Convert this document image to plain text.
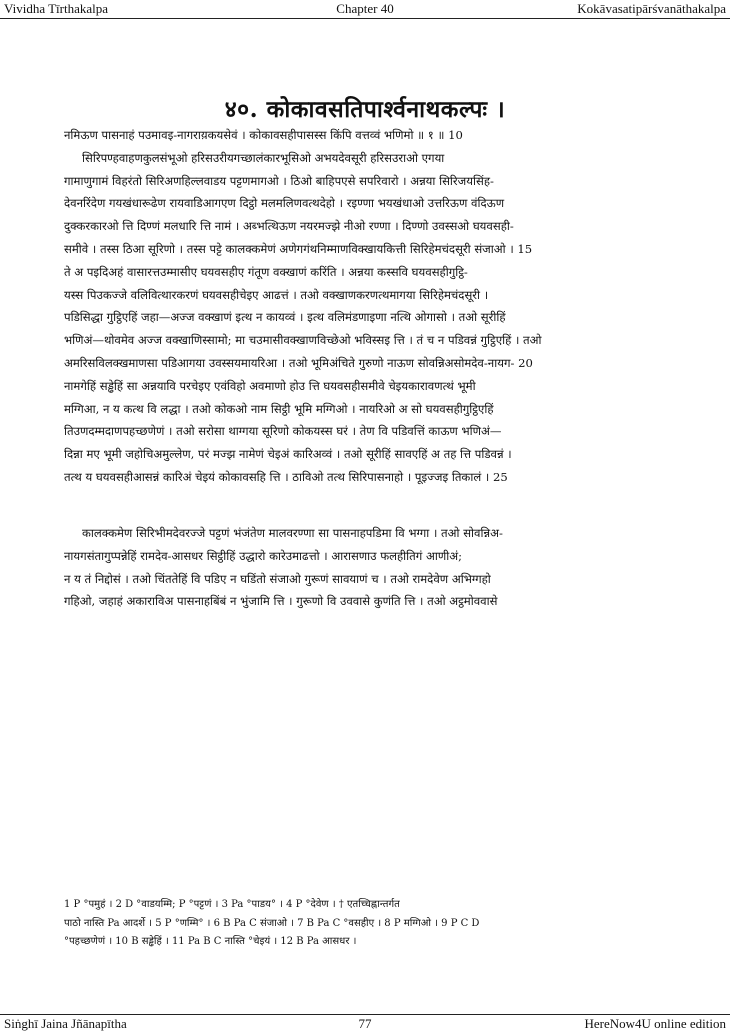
Chapter 40
Vividha Tīrthakalpa	Kokāvasatipārśvanāthakalpa
४०. कोकावसतिपार्श्वनाथकल्पः ।
नमिऊण पासनाहं पउमावइ-नागराय़कयसेवं । कोकावसहीपासस्स किंपि वत्तव्वं भणिमो ॥ १ ॥ 10
सिरिपण्हवाहणकुलसंभूओ हरिसउरीयगच्छालंकारभूसिओ अभयदेवसूरी हरिसउराओ एगया
गामाणुगामं विहरंतो सिरिअणहिल्लवाडय पट्टणमागओ । ठिओ बाहिपएसे सपरिवारो । अन्नया सिरिजयसिंह-
देवनरिंदेण गयखंधारूढेण रायवाडिआगएण दिट्ठो मलमलिणवत्थदेहो । रइण्णा भयखंधाओ उत्तरिऊण वंदिऊण
दुक्करकारओ त्ति दिण्णं मलधारि त्ति नामं । अब्भत्थिऊण नयरमज्झे नीओ रण्णा । दिण्णो उवस्सओ घयवसही-
समीवे । तस्स ठिआ सूरिणो । तस्स पट्टे कालक्कमेणं अणेगगंथनिम्माणविक्खायकित्ती सिरिहेमचंदसूरी संजाओ । 15
ते अ पइदिअहं वासारत्तउम्मासीए घयवसहीए गंतूण वक्खाणं करिंति । अन्नया कस्सवि घयवसहीगुट्ठि-
यस्स पिउकज्जे वलिवित्थारकरणं घयवसहीचेइए आढत्तं । तओ वक्खाणकरणत्थमागया सिरिहेमचंदसूरी ।
पडिसिद्धा गुट्ठिएहिं जहा—अज्ज वक्खाणं इत्थ न कायव्वं । इत्थ वलिमंडणाइणा नत्थि ओगासो । तओ सूरीहिं
भणिअं—थोवमेव अज्ज वक्खाणिस्सामो; मा चउमासीवक्खाणविच्छेओ भविस्सइ त्ति । तं च न पडिवन्नं गुट्ठिएहिं । तओ
अमरिसविलक्खमाणसा पडिआगया उवस्सयमायरिआ । तओ भूमिअंचिते गुरुणो नाऊण सोवन्निअसोमदेव-नायग- 20
नामगेहिं सड्ढेहिं सा अन्नयावि परचेइए एवंविहो अवमाणो होउ त्ति घयवसहीसमीवे चेइयकारावणत्थं भूमी
मग्गिआ, न य कत्थ वि लद्धा । तओ कोकओ नाम सिट्ठी भूमि मग्गिओ । नायरिओ अ सो घयवसहीगुट्ठिएहिं
तिउणदम्मदाणपहच्छणेणं । तओ सरोसा थाग्गया सूरिणो कोकयस्स घरं । तेण वि पडिवत्तिं काऊण भणिअं—
दिन्ना मए भूमी जहोचिअमुल्लेण, परं मज्झ नामेणं चेइअं कारिअव्वं । तओ सूरीहिं सावएहिं अ तह त्ति पडिवन्नं ।
तत्थ य घयवसहीआसन्नं कारिअं चेइयं कोकावसहि त्ति । ठाविओ तत्थ सिरिपासनाहो । पूइज्जइ तिकालं । 25
कालक्कमेण सिरिभीमदेवरज्जे पट्टणं भंजंतेण मालवरण्णा सा पासनाहपडिमा वि भग्गा । तओ सोवन्निअ-
नायगसंतागुप्पन्नेहिं रामदेव-आसधर सिट्ठीहिं उद्धारो कारेउमाढत्तो । आरासणाउ फलहीतिगं आणीअं;
न य तं निद्दोसं । तओ चिंततेहिं वि पडिए न घडिंतो संजाओ गुरूणं सावयाणं च । तओ रामदेवेण अभिग्गहो
गहिओ, जहाहं अकाराविअ पासनाहबिंबं न भुंजामि त्ति । गुरूणो वि उववासे कुणंति त्ति । तओ अट्ठमोववासे
1 P °पमुहं । 2 D °वाडयम्मि; P °पट्टणं । 3 Pa °पाडय° । 4 P °देवेण । † एतच्चिह्नान्तर्गत
पाठो नास्ति Pa आदर्शे । 5 P °णम्मि° । 6 B Pa C संजाओ । 7 B Pa C °वसहीए । 8 P मग्गिओ । 9 P C D
°पहच्छणेणं । 10 B सड्ढेहिं । 11 Pa B C नास्ति °चेइयं । 12 B Pa आसधर ।
77
Siṅghī Jaina Jñānapītha	HereNow4U online edition
